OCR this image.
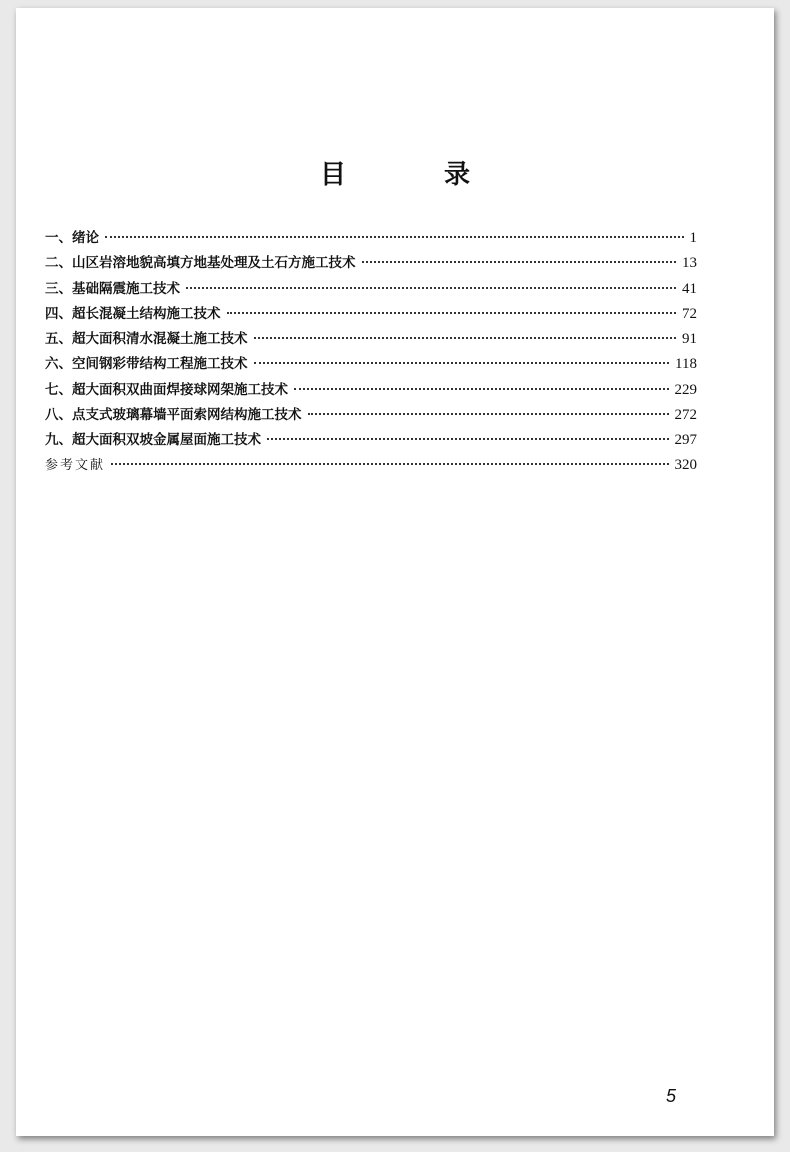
目　录
一、绪论	1
二、山区岩溶地貌高填方地基处理及土石方施工技术	13
三、基础隔震施工技术	41
四、超长混凝土结构施工技术	72
五、超大面积清水混凝土施工技术	91
六、空间钢彩带结构工程施工技术	118
七、超大面积双曲面焊接球网架施工技术	229
八、点支式玻璃幕墙平面索网结构施工技术	272
九、超大面积双坡金属屋面施工技术	297
参考文献	320
5
